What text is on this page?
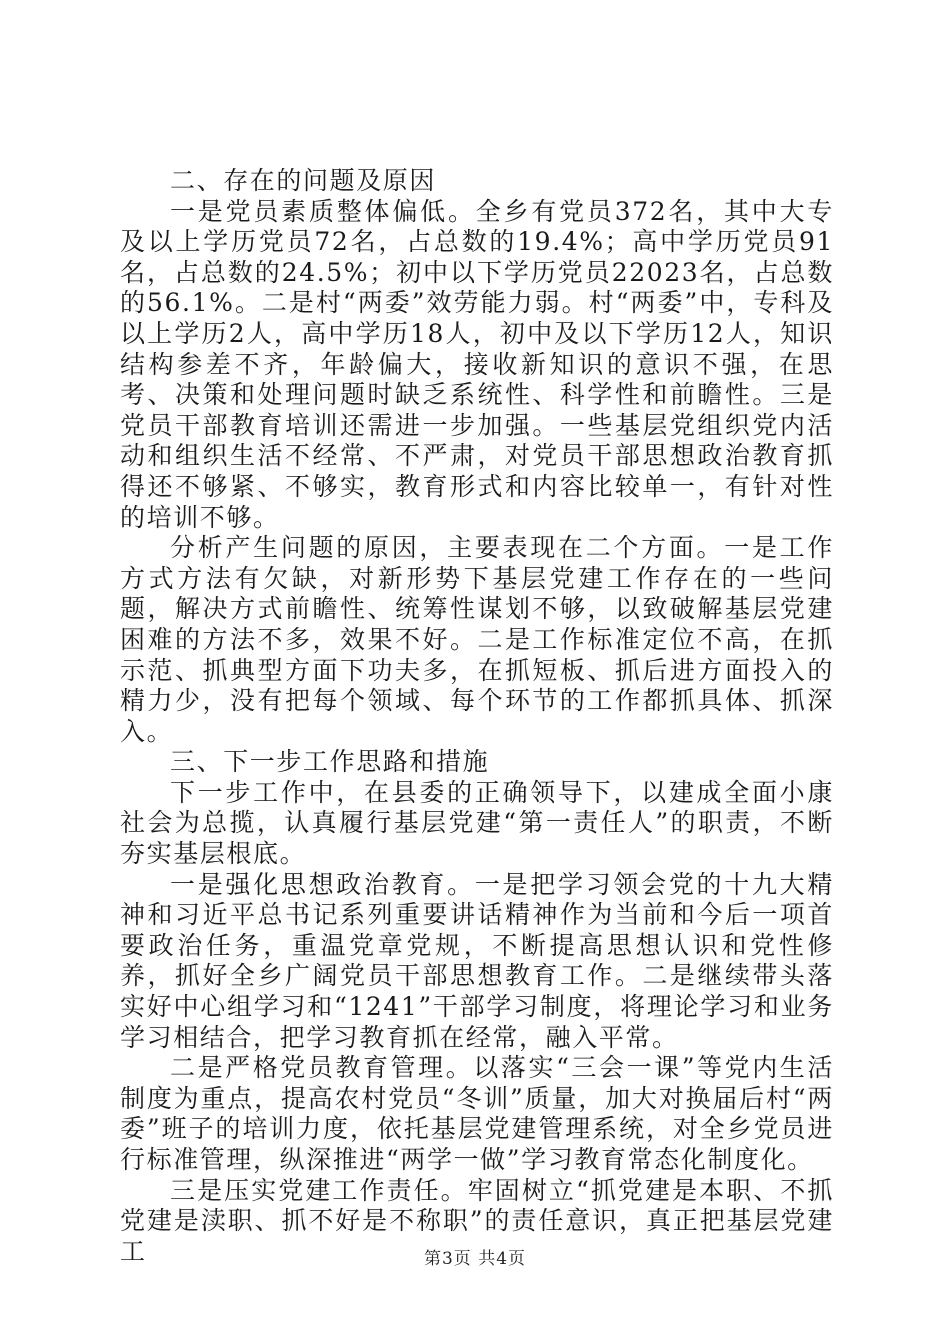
二、存在的问题及原因

一是党员素质整体偏低。全乡有党员372名，其中大专及以上学历党员72名，占总数的19.4%；高中学历党员91名，占总数的24.5%；初中以下学历党员22023名，占总数的56.1%。二是村“两委”效劳能力弱。村“两委”中，专科及以上学历2人，高中学历18人，初中及以下学历12人，知识结构参差不齐，年龄偏大，接收新知识的意识不强，在思考、决策和处理问题时缺乏系统性、科学性和前瞻性。三是党员干部教育培训还需进一步加强。一些基层党组织党内活动和组织生活不经常、不严肃，对党员干部思想政治教育抓得还不够紧、不够实，教育形式和内容比较单一，有针对性的培训不够。

分析产生问题的原因，主要表现在二个方面。一是工作方式方法有欠缺，对新形势下基层党建工作存在的一些问题，解决方式前瞻性、统筹性谋划不够，以致破解基层党建困难的方法不多，效果不好。二是工作标准定位不高，在抓示范、抓典型方面下功夫多，在抓短板、抓后进方面投入的精力少，没有把每个领域、每个环节的工作都抓具体、抓深入。

三、下一步工作思路和措施

下一步工作中，在县委的正确领导下，以建成全面小康社会为总揽，认真履行基层党建“第一责任人”的职责，不断夯实基层根底。

一是强化思想政治教育。一是把学习领会党的十九大精神和习近平总书记系列重要讲话精神作为当前和今后一项首要政治任务，重温党章党规，不断提高思想认识和党性修养，抓好全乡广阔党员干部思想教育工作。二是继续带头落实好中心组学习和“1241”干部学习制度，将理论学习和业务学习相结合，把学习教育抓在经常，融入平常。

二是严格党员教育管理。以落实“三会一课”等党内生活制度为重点，提高农村党员“冬训”质量，加大对换届后村“两委”班子的培训力度，依托基层党建管理系统，对全乡党员进行标准管理，纵深推进“两学一做”学习教育常态化制度化。

三是压实党建工作责任。牢固树立“抓党建是本职、不抓党建是渎职、抓不好是不称职”的责任意识，真正把基层党建工	第3页 共4页
